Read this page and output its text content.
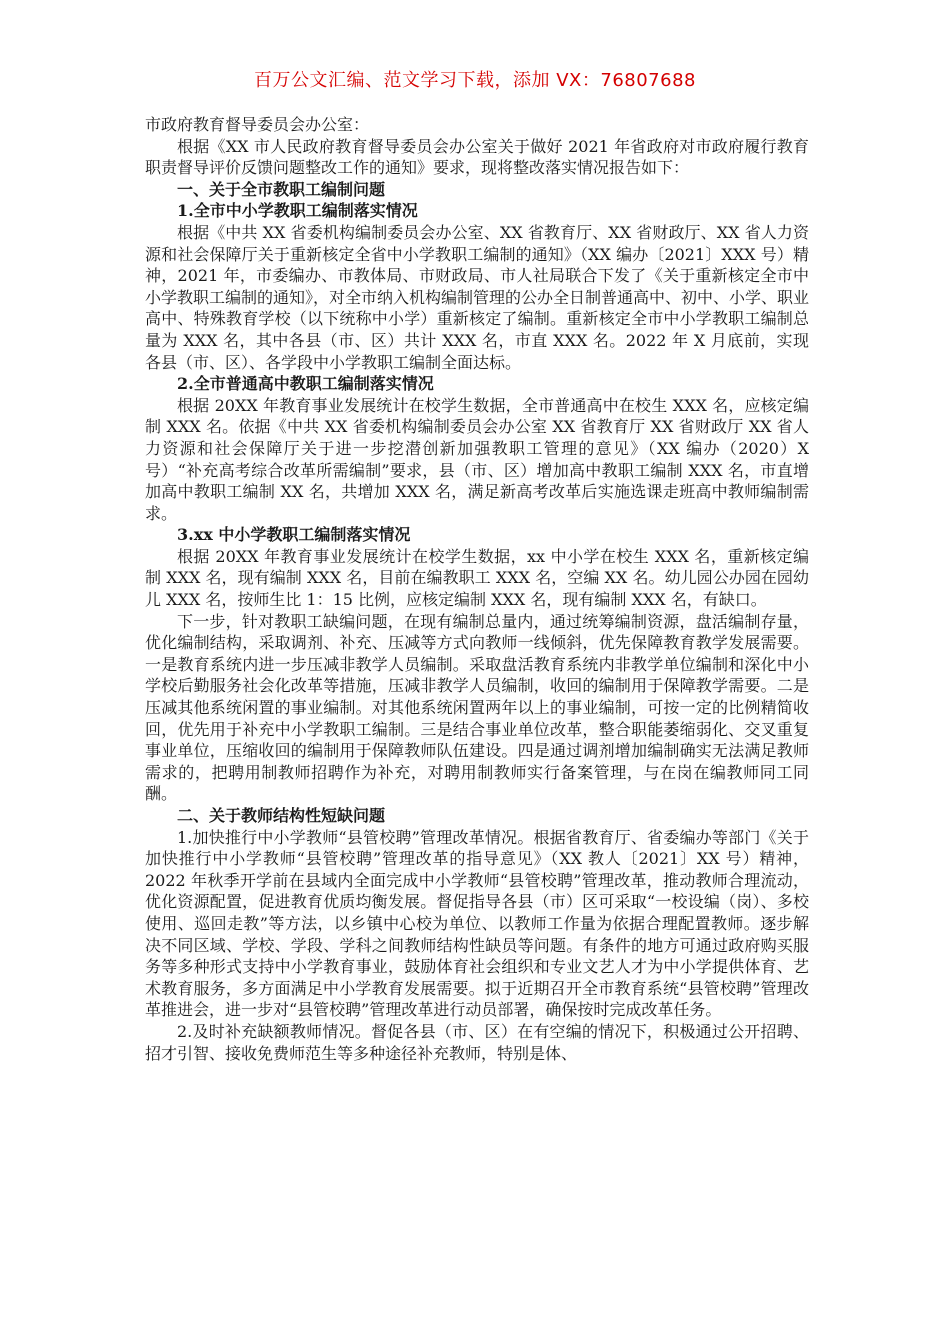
百万公文汇编、范文学习下载，添加 VX：76807688

市政府教育督导委员会办公室：

根据《XX 市人民政府教育督导委员会办公室关于做好 2021 年省政府对市政府履行教育职责督导评价反馈问题整改工作的通知》要求，现将整改落实情况报告如下：

一、关于全市教职工编制问题

1.全市中小学教职工编制落实情况

根据《中共 XX 省委机构编制委员会办公室、XX 省教育厅、XX 省财政厅、XX 省人力资源和社会保障厅关于重新核定全省中小学教职工编制的通知》（XX 编办〔2021〕XXX 号）精神，2021 年，市委编办、市教体局、市财政局、市人社局联合下发了《关于重新核定全市中小学教职工编制的通知》，对全市纳入机构编制管理的公办全日制普通高中、初中、小学、职业高中、特殊教育学校（以下统称中小学）重新核定了编制。重新核定全市中小学教职工编制总量为 XXX 名，其中各县（市、区）共计 XXX 名，市直 XXX 名。2022 年 X 月底前，实现各县（市、区）、各学段中小学教职工编制全面达标。

2.全市普通高中教职工编制落实情况

根据 20XX 年教育事业发展统计在校学生数据，全市普通高中在校生 XXX 名，应核定编制 XXX 名。依据《中共 XX 省委机构编制委员会办公室 XX 省教育厅 XX 省财政厅 XX 省人力资源和社会保障厅关于进一步挖潜创新加强教职工管理的意见》（XX 编办（2020）X 号）“补充高考综合改革所需编制”要求，县（市、区）增加高中教职工编制 XXX 名，市直增加高中教职工编制 XX 名，共增加 XXX 名，满足新高考改革后实施选课走班高中教师编制需求。

3.xx 中小学教职工编制落实情况

根据 20XX 年教育事业发展统计在校学生数据，xx 中小学在校生 XXX 名，重新核定编制 XXX 名，现有编制 XXX 名，目前在编教职工 XXX 名，空编 XX 名。幼儿园公办园在园幼儿 XXX 名，按师生比 1：15 比例，应核定编制 XXX 名，现有编制 XXX 名，有缺口。

下一步，针对教职工缺编问题，在现有编制总量内，通过统筹编制资源，盘活编制存量，优化编制结构，采取调剂、补充、压减等方式向教师一线倾斜，优先保障教育教学发展需要。一是教育系统内进一步压减非教学人员编制。采取盘活教育系统内非教学单位编制和深化中小学校后勤服务社会化改革等措施，压减非教学人员编制，收回的编制用于保障教学需要。二是压减其他系统闲置的事业编制。对其他系统闲置两年以上的事业编制，可按一定的比例精简收回，优先用于补充中小学教职工编制。三是结合事业单位改革，整合职能萎缩弱化、交叉重复事业单位，压缩收回的编制用于保障教师队伍建设。四是通过调剂增加编制确实无法满足教师需求的，把聘用制教师招聘作为补充，对聘用制教师实行备案管理，与在岗在编教师同工同酬。

二、关于教师结构性短缺问题

1.加快推行中小学教师“县管校聘”管理改革情况。根据省教育厅、省委编办等部门《关于加快推行中小学教师“县管校聘”管理改革的指导意见》（XX 教人〔2021〕XX 号）精神，2022 年秋季开学前在县域内全面完成中小学教师“县管校聘”管理改革，推动教师合理流动，优化资源配置，促进教育优质均衡发展。督促指导各县（市）区可采取“一校设编（岗）、多校使用、巡回走教”等方法，以乡镇中心校为单位、以教师工作量为依据合理配置教师。逐步解决不同区域、学校、学段、学科之间教师结构性缺员等问题。有条件的地方可通过政府购买服务等多种形式支持中小学教育事业，鼓励体育社会组织和专业文艺人才为中小学提供体育、艺术教育服务，多方面满足中小学教育发展需要。拟于近期召开全市教育系统“县管校聘”管理改革推进会，进一步对“县管校聘”管理改革进行动员部署，确保按时完成改革任务。

2.及时补充缺额教师情况。督促各县（市、区）在有空编的情况下，积极通过公开招聘、招才引智、接收免费师范生等多种途径补充教师，特别是体、
